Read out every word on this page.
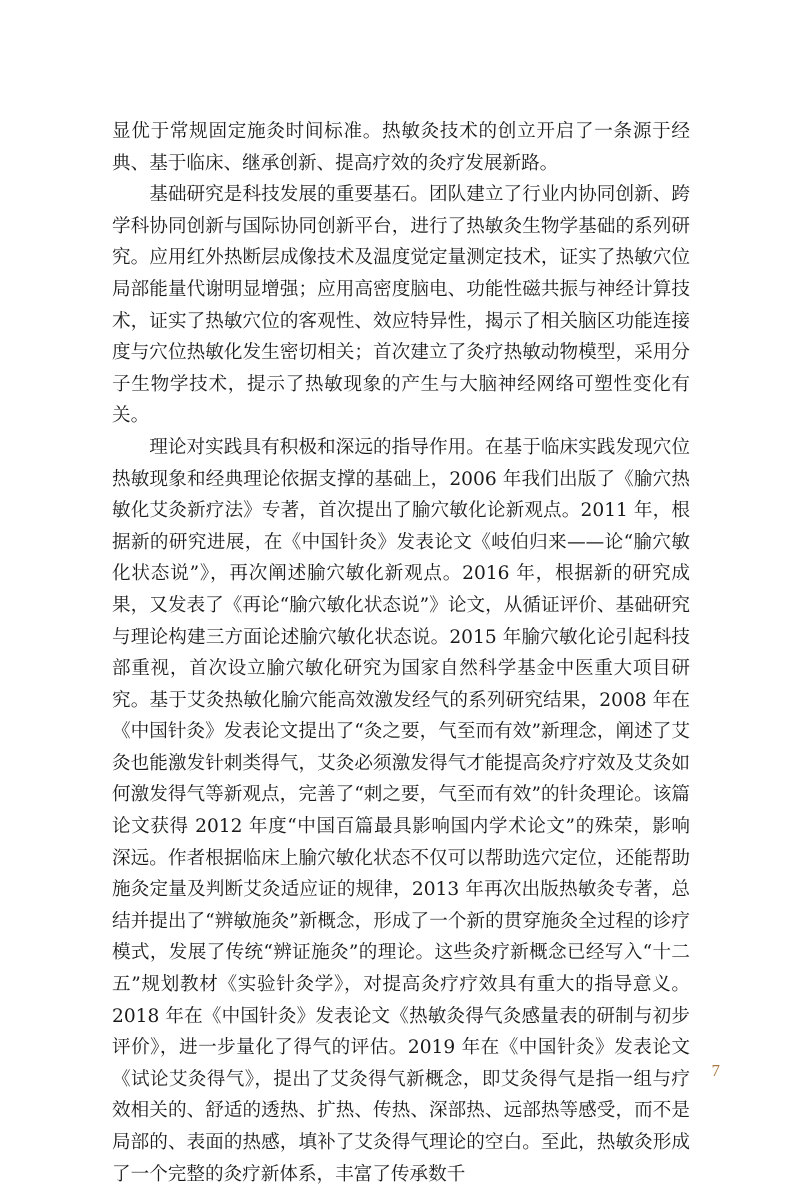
显优于常规固定施灸时间标准。热敏灸技术的创立开启了一条源于经典、基于临床、继承创新、提高疗效的灸疗发展新路。

基础研究是科技发展的重要基石。团队建立了行业内协同创新、跨学科协同创新与国际协同创新平台，进行了热敏灸生物学基础的系列研究。应用红外热断层成像技术及温度觉定量测定技术，证实了热敏穴位局部能量代谢明显增强；应用高密度脑电、功能性磁共振与神经计算技术，证实了热敏穴位的客观性、效应特异性，揭示了相关脑区功能连接度与穴位热敏化发生密切相关；首次建立了灸疗热敏动物模型，采用分子生物学技术，提示了热敏现象的产生与大脑神经网络可塑性变化有关。

理论对实践具有积极和深远的指导作用。在基于临床实践发现穴位热敏现象和经典理论依据支撑的基础上，2006 年我们出版了《腧穴热敏化艾灸新疗法》专著，首次提出了腧穴敏化论新观点。2011 年，根据新的研究进展，在《中国针灸》发表论文《岐伯归来——论“腧穴敏化状态说”》，再次阐述腧穴敏化新观点。2016 年，根据新的研究成果，又发表了《再论“腧穴敏化状态说”》论文，从循证评价、基础研究与理论构建三方面论述腧穴敏化状态说。2015 年腧穴敏化论引起科技部重视，首次设立腧穴敏化研究为国家自然科学基金中医重大项目研究。基于艾灸热敏化腧穴能高效激发经气的系列研究结果，2008 年在《中国针灸》发表论文提出了“灸之要，气至而有效”新理念，阐述了艾灸也能激发针刺类得气，艾灸必须激发得气才能提高灸疗疗效及艾灸如何激发得气等新观点，完善了“刺之要，气至而有效”的针灸理论。该篇论文获得 2012 年度“中国百篇最具影响国内学术论文”的殊荣，影响深远。作者根据临床上腧穴敏化状态不仅可以帮助选穴定位，还能帮助施灸定量及判断艾灸适应证的规律，2013 年再次出版热敏灸专著，总结并提出了“辨敏施灸”新概念，形成了一个新的贯穿施灸全过程的诊疗模式，发展了传统“辨证施灸”的理论。这些灸疗新概念已经写入“十二五”规划教材《实验针灸学》，对提高灸疗疗效具有重大的指导意义。2018 年在《中国针灸》发表论文《热敏灸得气灸感量表的研制与初步评价》，进一步量化了得气的评估。2019 年在《中国针灸》发表论文《试论艾灸得气》，提出了艾灸得气新概念，即艾灸得气是指一组与疗效相关的、舒适的透热、扩热、传热、深部热、远部热等感受，而不是局部的、表面的热感，填补了艾灸得气理论的空白。至此，热敏灸形成了一个完整的灸疗新体系，丰富了传承数千

7
